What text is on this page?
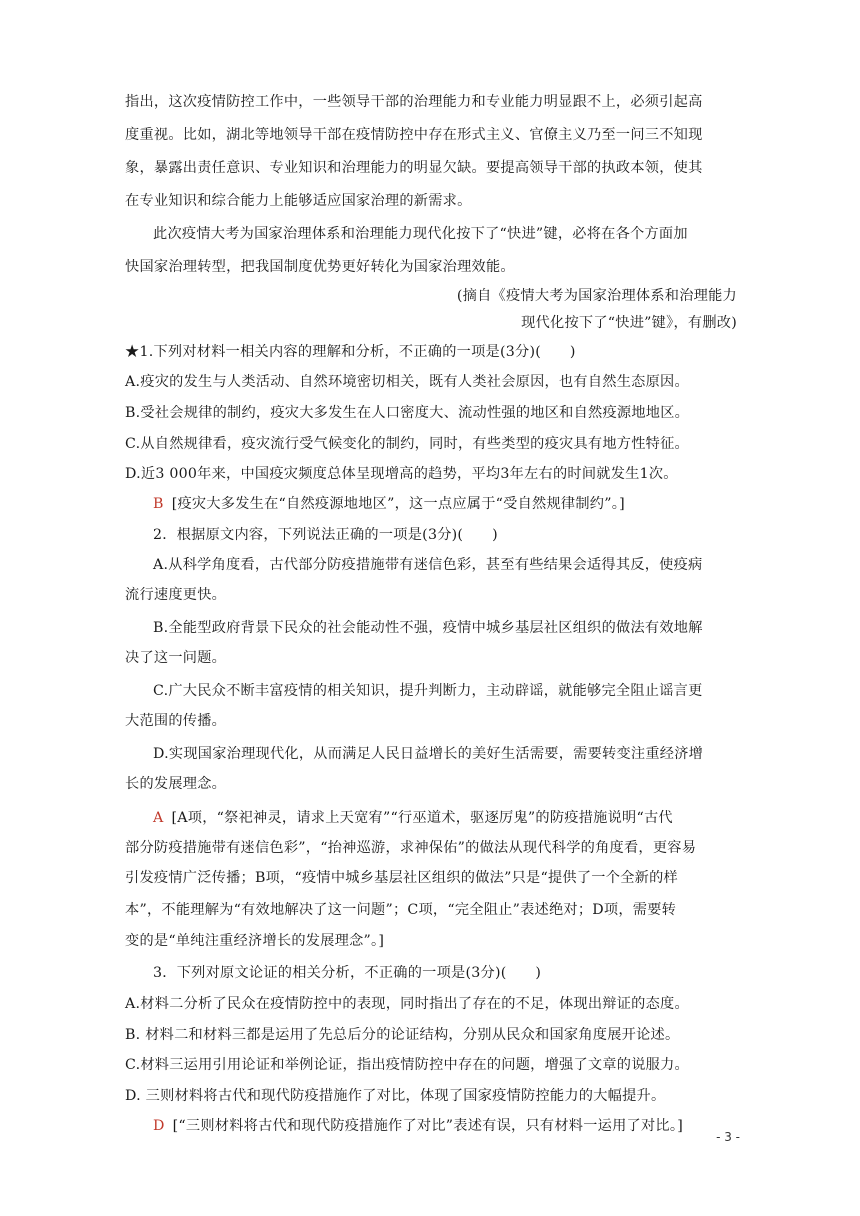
指出，这次疫情防控工作中，一些领导干部的治理能力和专业能力明显跟不上，必须引起高
度重视。比如，湖北等地领导干部在疫情防控中存在形式主义、官僚主义乃至一问三不知现
象，暴露出责任意识、专业知识和治理能力的明显欠缺。要提高领导干部的执政本领，使其
在专业知识和综合能力上能够适应国家治理的新需求。
此次疫情大考为国家治理体系和治理能力现代化按下了“快进”键，必将在各个方面加
快国家治理转型，把我国制度优势更好转化为国家治理效能。
(摘自《疫情大考为国家治理体系和治理能力
现代化按下了“快进”键》，有删改)
★1.下列对材料一相关内容的理解和分析，不正确的一项是(3分)(　　)
A.疫灾的发生与人类活动、自然环境密切相关，既有人类社会原因，也有自然生态原因。
B.受社会规律的制约，疫灾大多发生在人口密度大、流动性强的地区和自然疫源地地区。
C.从自然规律看，疫灾流行受气候变化的制约，同时，有些类型的疫灾具有地方性特征。
D.近3 000年来，中国疫灾频度总体呈现增高的趋势，平均3年左右的时间就发生1次。
B [疫灾大多发生在“自然疫源地地区”，这一点应属于“受自然规律制约”。]
2．根据原文内容，下列说法正确的一项是(3分)(　　)
A.从科学角度看，古代部分防疫措施带有迷信色彩，甚至有些结果会适得其反，使疫病
流行速度更快。
B.全能型政府背景下民众的社会能动性不强，疫情中城乡基层社区组织的做法有效地解
决了这一问题。
C.广大民众不断丰富疫情的相关知识，提升判断力，主动辟谣，就能够完全阻止谣言更
大范围的传播。
D.实现国家治理现代化，从而满足人民日益增长的美好生活需要，需要转变注重经济增
长的发展理念。
A [A项，“祭祀神灵，请求上天宽宥”“行巫道术，驱逐厉鬼”的防疫措施说明“古代
部分防疫措施带有迷信色彩”，“抬神巡游，求神保佑”的做法从现代科学的角度看，更容易
引发疫情广泛传播；B项，“疫情中城乡基层社区组织的做法”只是“提供了一个全新的样
本”，不能理解为“有效地解决了这一问题”；C项，“完全阻止”表述绝对；D项，需要转
变的是“单纯注重经济增长的发展理念”。]
3．下列对原文论证的相关分析，不正确的一项是(3分)(　　)
A.材料二分析了民众在疫情防控中的表现，同时指出了存在的不足，体现出辩证的态度。
B. 材料二和材料三都是运用了先总后分的论证结构，分别从民众和国家角度展开论述。
C.材料三运用引用论证和举例论证，指出疫情防控中存在的问题，增强了文章的说服力。
D. 三则材料将古代和现代防疫措施作了对比，体现了国家疫情防控能力的大幅提升。
D [“三则材料将古代和现代防疫措施作了对比”表述有误，只有材料一运用了对比。]
- 3 -
